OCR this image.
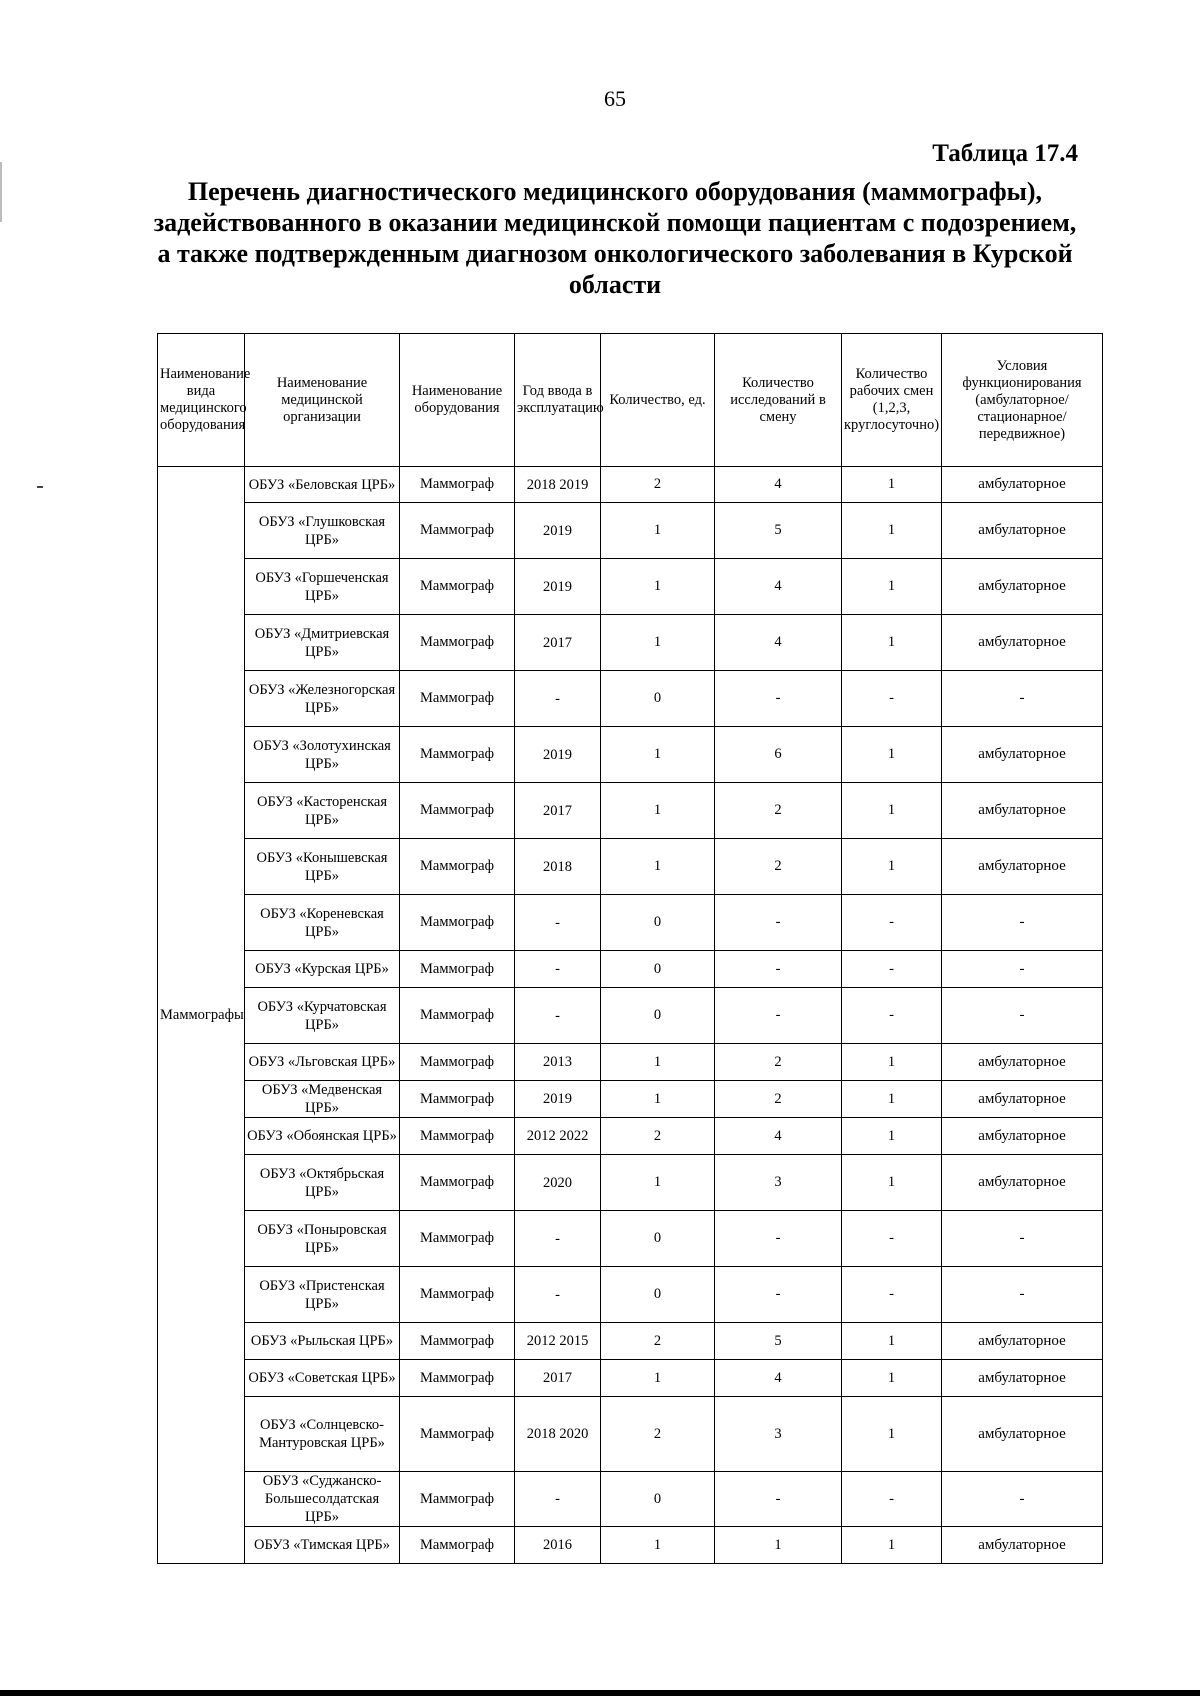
65
Таблица 17.4
Перечень диагностического медицинского оборудования (маммографы), задействованного в оказании медицинской помощи пациентам с подозрением, а также подтвержденным диагнозом онкологического заболевания в Курской области
Наименование вида медицинского оборудования	Наименование медицинской организации	Наименование оборудования	Год ввода в эксплуатацию	Количество, ед.	Количество исследований в смену	Количество рабочих смен (1,2,3, круглосуточно)	Условия функционирования (амбулаторное/стационарное/передвижное)
Маммографы	ОБУЗ «Беловская ЦРБ»	Маммограф	2018 2019	2	4	1	амбулаторное
	ОБУЗ «Глушковская ЦРБ»	Маммограф	2019	1	5	1	амбулаторное
	ОБУЗ «Горшеченская ЦРБ»	Маммограф	2019	1	4	1	амбулаторное
	ОБУЗ «Дмитриевская ЦРБ»	Маммограф	2017	1	4	1	амбулаторное
	ОБУЗ «Железногорская ЦРБ»	Маммограф	-	0	-	-	-
	ОБУЗ «Золотухинская ЦРБ»	Маммограф	2019	1	6	1	амбулаторное
	ОБУЗ «Касторенская ЦРБ»	Маммограф	2017	1	2	1	амбулаторное
	ОБУЗ «Конышевская ЦРБ»	Маммограф	2018	1	2	1	амбулаторное
	ОБУЗ «Кореневская ЦРБ»	Маммограф	-	0	-	-	-
	ОБУЗ «Курская ЦРБ»	Маммограф	-	0	-	-	-
	ОБУЗ «Курчатовская ЦРБ»	Маммограф	-	0	-	-	-
	ОБУЗ «Льговская ЦРБ»	Маммограф	2013	1	2	1	амбулаторное
	ОБУЗ «Медвенская ЦРБ»	Маммограф	2019	1	2	1	амбулаторное
	ОБУЗ «Обоянская ЦРБ»	Маммограф	2012 2022	2	4	1	амбулаторное
	ОБУЗ «Октябрьская ЦРБ»	Маммограф	2020	1	3	1	амбулаторное
	ОБУЗ «Поныровская ЦРБ»	Маммограф	-	0	-	-	-
	ОБУЗ «Пристенская ЦРБ»	Маммограф	-	0	-	-	-
	ОБУЗ «Рыльская ЦРБ»	Маммограф	2012 2015	2	5	1	амбулаторное
	ОБУЗ «Советская ЦРБ»	Маммограф	2017	1	4	1	амбулаторное
	ОБУЗ «Солнцевско-Мантуровская ЦРБ»	Маммограф	2018 2020	2	3	1	амбулаторное
	ОБУЗ «Суджанско-Большесолдатская ЦРБ»	Маммограф	-	0	-	-	-
	ОБУЗ «Тимская ЦРБ»	Маммограф	2016	1	1	1	амбулаторное
